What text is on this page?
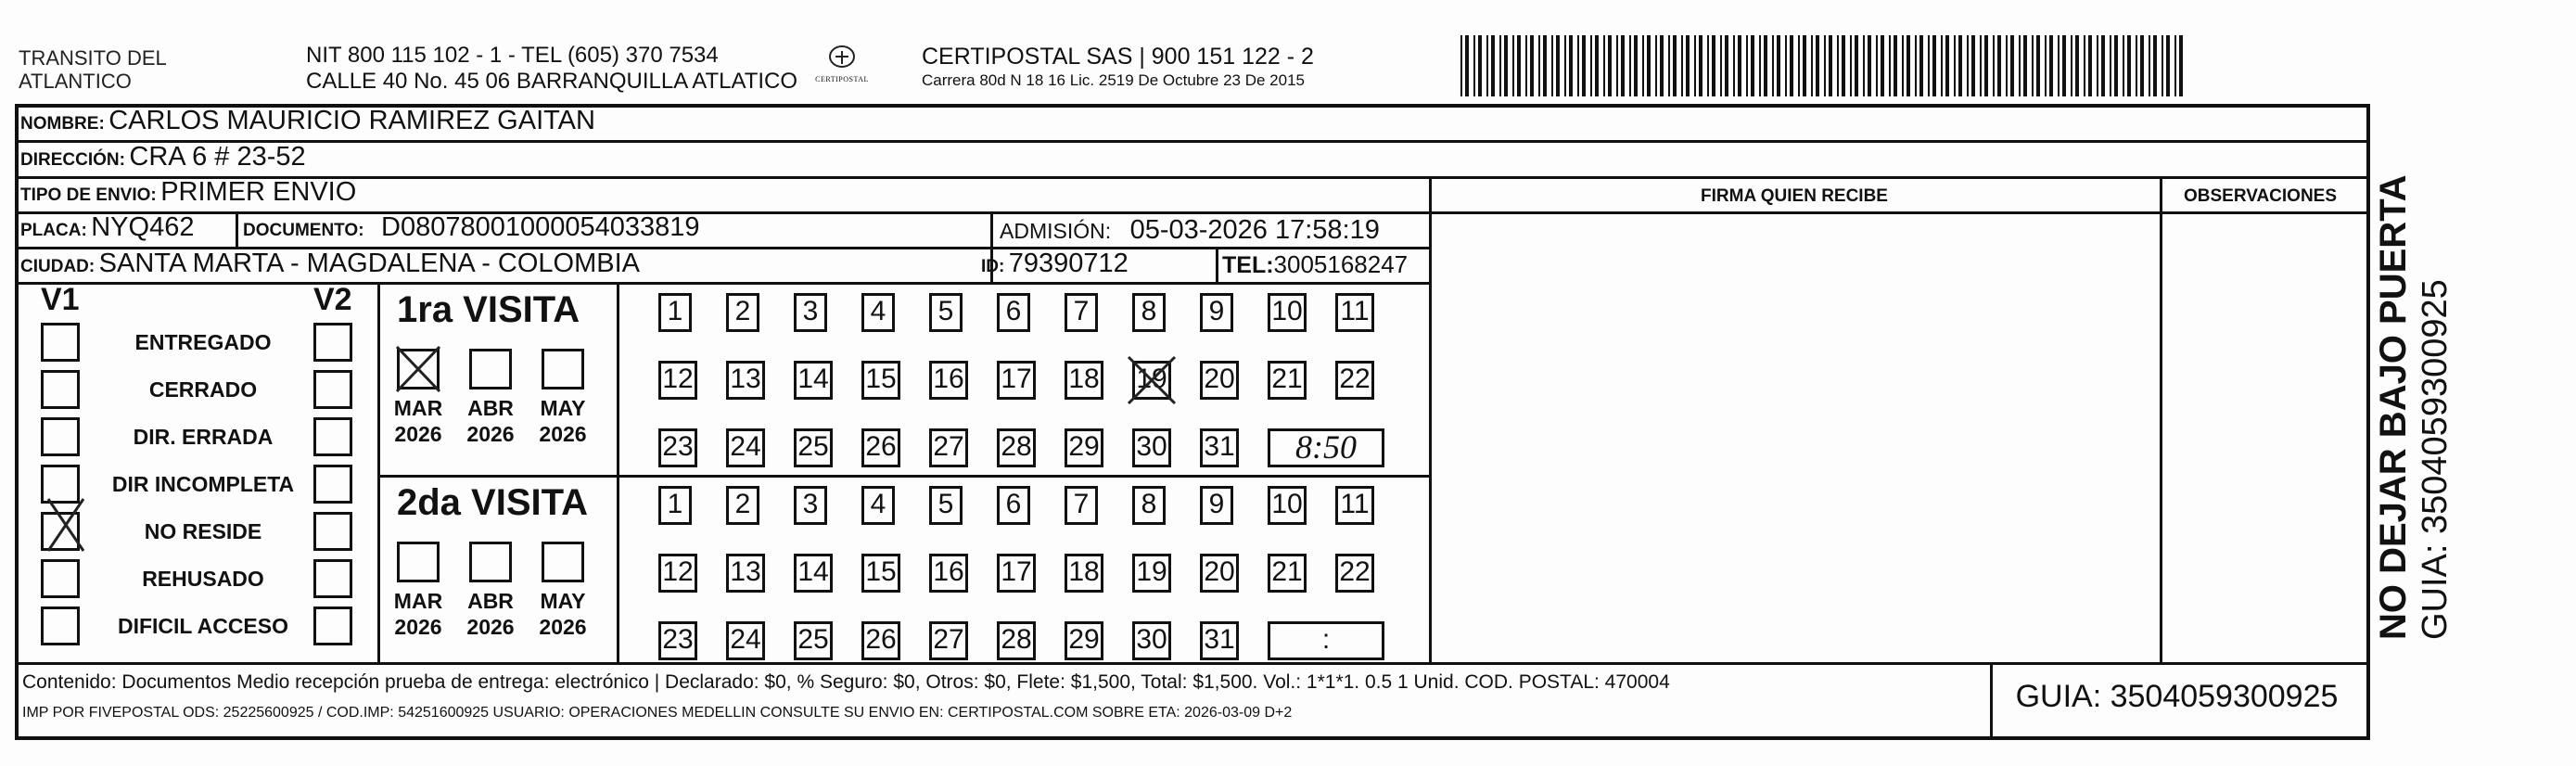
TRANSITO DEL
ATLANTICO
NIT 800 115 102 - 1 - TEL (605) 370 7534
CALLE 40 No. 45 06 BARRANQUILLA ATLATICO	CERTIPOSTAL
CERTIPOSTAL SAS | 900 151 122 - 2
Carrera 80d N 18 16 Lic. 2519 De Octubre 23 De 2015
NOMBRE: CARLOS MAURICIO RAMIREZ GAITAN
DIRECCIÓN: CRA 6 # 23-52
TIPO DE ENVIO: PRIMER ENVIO	FIRMA QUIEN RECIBE	OBSERVACIONES
PLACA: NYQ462	DOCUMENTO: D08078001000054033819	ADMISIÓN: 05-03-2026 17:58:19
CIUDAD: SANTA MARTA - MAGDALENA - COLOMBIA	ID: 79390712	TEL:3005168247
V1	V2
ENTREGADO
CERRADO
DIR. ERRADA
DIR INCOMPLETA
NO RESIDE
REHUSADO
DIFICIL ACCESO
1ra VISITA
MAR
2026
ABR
2026
MAY
2026
1	2	3	4	5	6	7	8	9	10 11
12 13 14 15 16 17 18 19 20 21 22
23 24 25 26 27 28 29 30 31	8:50
2da VISITA
MAR
2026
ABR
2026
MAY
2026
1	2	3	4	5	6	7	8	9	10 11
12 13 14 15 16 17 18 19 20 21 22
23 24 25 26 27 28 29 30 31	:
Contenido: Documentos Medio recepción prueba de entrega: electrónico | Declarado: $0, % Seguro: $0, Otros: $0, Flete: $1,500, Total: $1,500. Vol.: 1*1*1. 0.5 1 Unid. COD. POSTAL: 470004
IMP POR FIVEPOSTAL ODS: 25225600925 / COD.IMP: 54251600925 USUARIO: OPERACIONES MEDELLIN CONSULTE SU ENVIO EN: CERTIPOSTAL.COM SOBRE ETA: 2026-03-09 D+2	GUIA: 3504059300925
NO DEJAR BAJO PUERTA GUIA: 3504059300925
